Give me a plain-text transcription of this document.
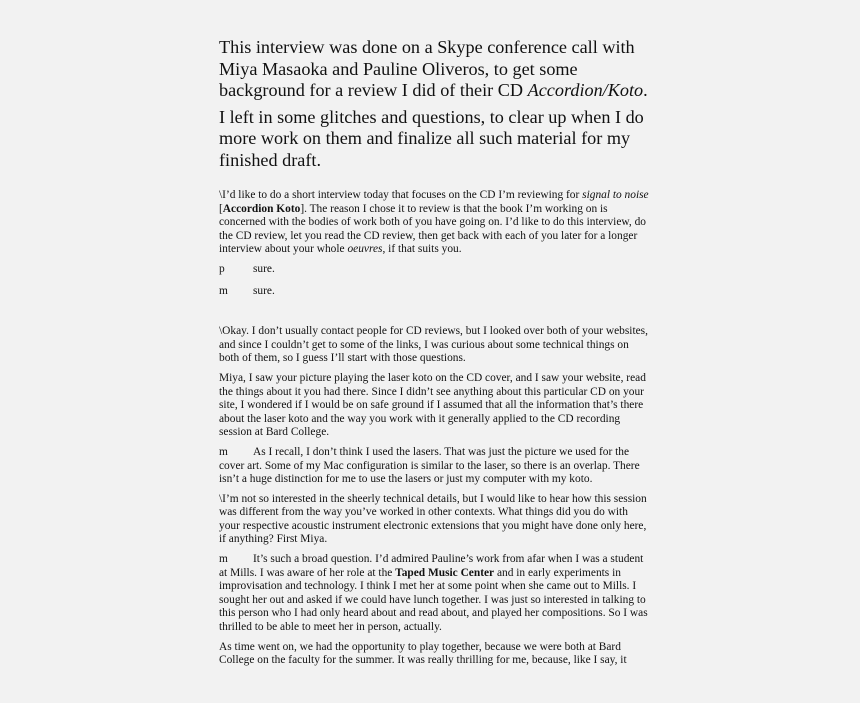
This interview was done on a Skype conference call with Miya Masaoka and Pauline Oliveros, to get some background for a review I did of their CD Accordion/Koto.

I left in some glitches and questions, to clear up when I do more work on them and finalize all such material for my finished draft.

\I’d like to do a short interview today that focuses on the CD I’m reviewing for signal to noise [Accordion Koto]. The reason I chose it to review is that the book I’m working on is concerned with the bodies of work both of you have going on. I’d like to do this interview, do the CD review, let you read the CD review, then get back with each of you later for a longer interview about your whole oeuvres, if that suits you.

p sure.

m sure.

\Okay. I don’t usually contact people for CD reviews, but I looked over both of your websites, and since I couldn’t get to some of the links, I was curious about some technical things on both of them, so I guess I’ll start with those questions.

Miya, I saw your picture playing the laser koto on the CD cover, and I saw your website, read the things about it you had there. Since I didn’t see anything about this particular CD on your site, I wondered if I would be on safe ground if I assumed that all the information that’s there about the laser koto and the way you work with it generally applied to the CD recording session at Bard College.

m As I recall, I don’t think I used the lasers. That was just the picture we used for the cover art. Some of my Mac configuration is similar to the laser, so there is an overlap. There isn’t a huge distinction for me to use the lasers or just my computer with my koto.

\I’m not so interested in the sheerly technical details, but I would like to hear how this session was different from the way you’ve worked in other contexts. What things did you do with your respective acoustic instrument electronic extensions that you might have done only here, if anything? First Miya.

m It’s such a broad question. I’d admired Pauline’s work from afar when I was a student at Mills. I was aware of her role at the Taped Music Center and in early experiments in improvisation and technology. I think I met her at some point when she came out to Mills. I sought her out and asked if we could have lunch together. I was just so interested in talking to this person who I had only heard about and read about, and played her compositions. So I was thrilled to be able to meet her in person, actually.

As time went on, we had the opportunity to play together, because we were both at Bard College on the faculty for the summer. It was really thrilling for me, because, like I say, it
